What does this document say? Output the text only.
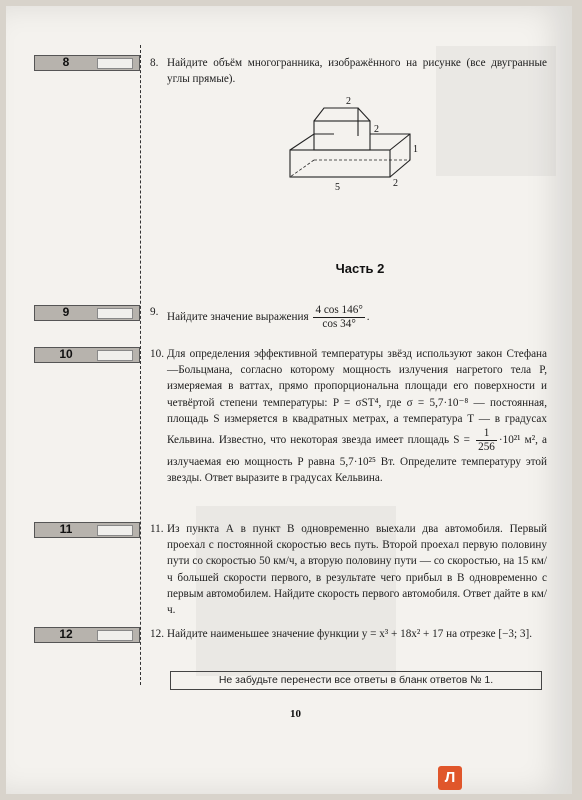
8
9
10
11
12
8. Найдите объём многогранника, изображённого на рисунке (все двугранные углы прямые).
2
2
1
5	2
Часть 2
9. Найдите значение выражения $\frac{4 \cos 146^\circ}{\cos 34^\circ}$ .
10. Для определения эффективной температуры звёзд используют закон Стефана—Больцмана, согласно которому мощность излучения нагретого тела P, измеряемая в ваттах, прямо пропорциональна площади его поверхности и четвёртой степени температуры: P = σST⁴, где σ = 5,7·10⁻⁸ — постоянная, площадь S измеряется в квадратных метрах, а температура T — в градусах Кельвина. Известно, что некоторая звезда имеет площадь $S = \frac{1}{256} \cdot 10^{21}$ м², а излучаемая ею мощность P равна 5,7·10²⁵ Вт. Определите температуру этой звезды. Ответ выразите в градусах Кельвина.
11. Из пункта А в пункт В одновременно выехали два автомобиля. Первый проехал с постоянной скоростью весь путь. Второй проехал первую половину пути со скоростью 50 км/ч, а вторую половину пути — со скоростью, на 15 км/ч большей скорости первого, в результате чего прибыл в В одновременно с первым автомобилем. Найдите скорость первого автомобиля. Ответ дайте в км/ч.
12. Найдите наименьшее значение функции y = x³ + 18x² + 17 на отрезке [−3; 3].
Не забудьте перенести все ответы в бланк ответов № 1.
10
Л
